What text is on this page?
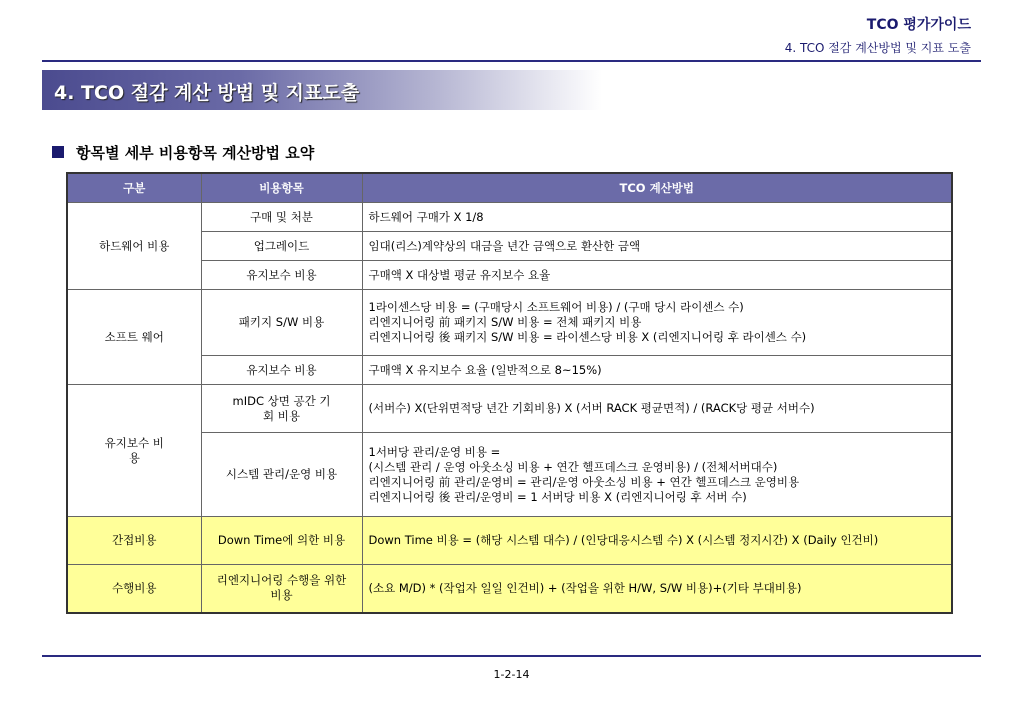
TCO 평가가이드
4. TCO 절감 계산방법 및 지표 도출
4. TCO 절감 계산 방법 및 지표도출
항목별 세부 비용항목 계산방법 요약
구분	비용항목	TCO 계산방법
하드웨어 비용	구매 및 처분	하드웨어 구매가 X 1/8
	업그레이드	임대(리스)계약상의 대금을 년간 금액으로 환산한 금액
	유지보수 비용	구매액 X 대상별 평균 유지보수 요율
소프트 웨어	패키지 S/W 비용	1라이센스당 비용 = (구매당시 소프트웨어 비용) / (구매 당시 라이센스 수)
리엔지니어링 前 패키지 S/W 비용 = 전체 패키지 비용
리엔지니어링 後 패키지 S/W 비용 = 라이센스당 비용 X (리엔지니어링 후 라이센스 수)

	유지보수 비용	구매액 X 유지보수 요율 (일반적으로 8~15%)
유지보수 비용	mIDC 상면 공간 기회 비용	(서버수) X(단위면적당 년간 기회비용) X (서버 RACK 평균면적) / (RACK당 평균 서버수)
	시스템 관리/운영 비용	1서버당 관리/운영 비용 =
(시스템 관리 / 운영 아웃소싱 비용 + 연간 헬프데스크 운영비용) / (전체서버대수)
리엔지니어링 前 관리/운영비 = 관리/운영 아웃소싱 비용 + 연간 헬프데스크 운영비용
리엔지니어링 後 관리/운영비 = 1 서버당 비용 X (리엔지니어링 후 서버 수)

간접비용	Down Time에 의한 비용	Down Time 비용 = (해당 시스템 대수) / (인당대응시스템 수) X (시스템 정지시간) X (Daily 인건비)
수행비용	리엔지니어링 수행을 위한 비용	(소요 M/D) * (작업자 일일 인건비) + (작업을 위한 H/W, S/W 비용)+(기타 부대비용)
1-2-14
